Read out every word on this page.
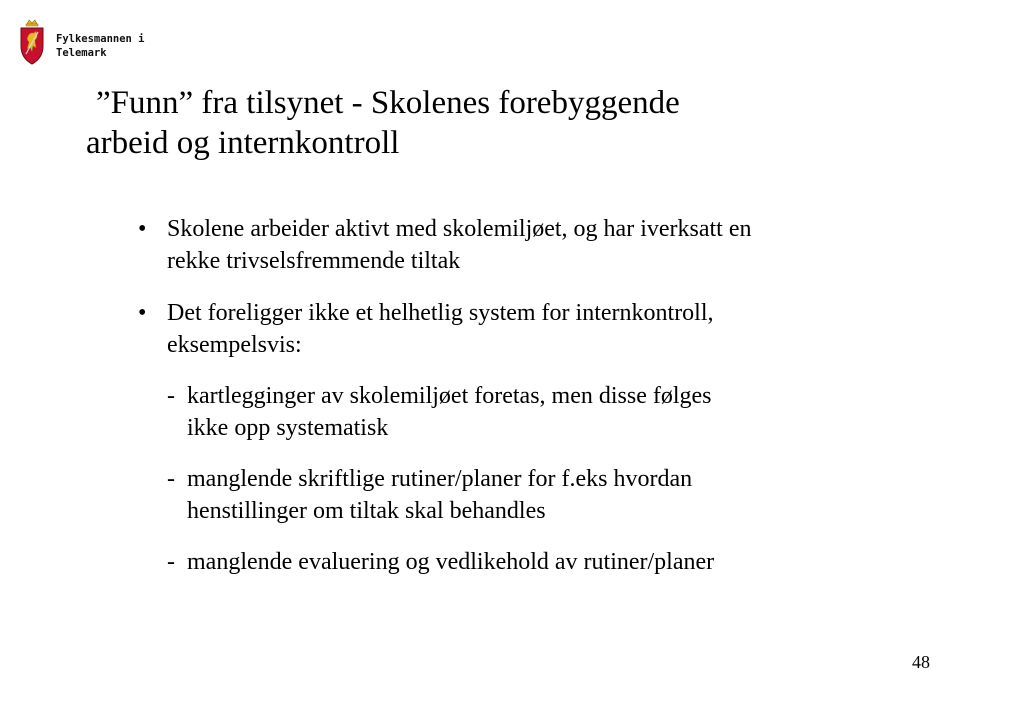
Fylkesmannen i
Telemark
”Funn” fra tilsynet - Skolenes forebyggende
arbeid og internkontroll
• Skolene arbeider aktivt med skolemiljøet, og har iverksatt en
rekke trivselsfremmende tiltak
• Det foreligger ikke et helhetlig system for internkontroll,
eksempelsvis:
- kartlegginger av skolemiljøet foretas, men disse følges
ikke opp systematisk
- manglende skriftlige rutiner/planer for f.eks hvordan
henstillinger om tiltak skal behandles
- manglende evaluering og vedlikehold av rutiner/planer
48
